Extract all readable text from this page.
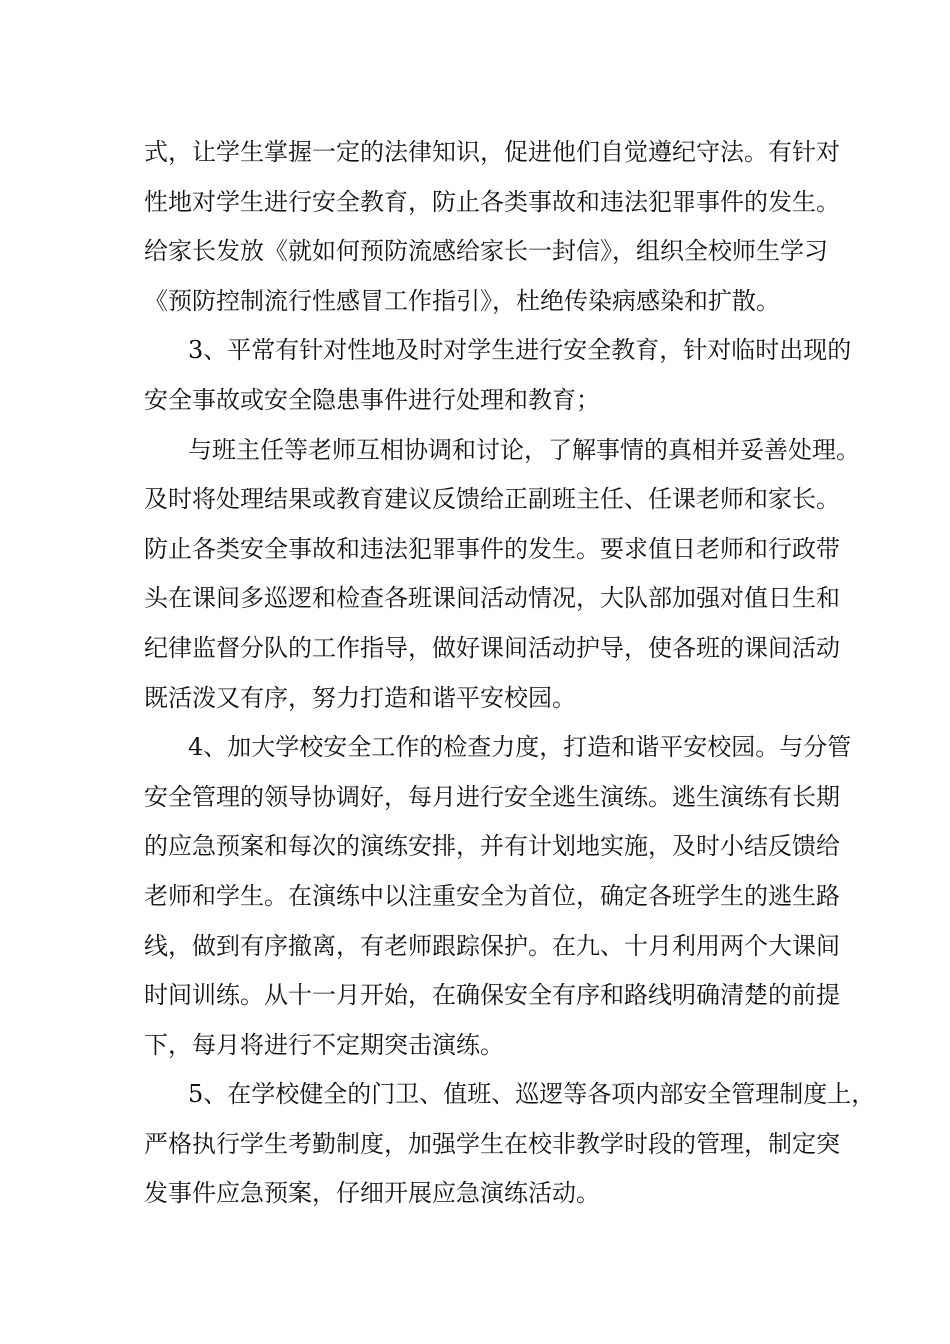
式，让学生掌握一定的法律知识，促进他们自觉遵纪守法。有针对
性地对学生进行安全教育，防止各类事故和违法犯罪事件的发生。
给家长发放《就如何预防流感给家长一封信》，组织全校师生学习
《预防控制流行性感冒工作指引》，杜绝传染病感染和扩散。
3、平常有针对性地及时对学生进行安全教育，针对临时出现的
安全事故或安全隐患事件进行处理和教育；
与班主任等老师互相协调和讨论，了解事情的真相并妥善处理。
及时将处理结果或教育建议反馈给正副班主任、任课老师和家长。
防止各类安全事故和违法犯罪事件的发生。要求值日老师和行政带
头在课间多巡逻和检查各班课间活动情况，大队部加强对值日生和
纪律监督分队的工作指导，做好课间活动护导，使各班的课间活动
既活泼又有序，努力打造和谐平安校园。
4、加大学校安全工作的检查力度，打造和谐平安校园。与分管
安全管理的领导协调好，每月进行安全逃生演练。逃生演练有长期
的应急预案和每次的演练安排，并有计划地实施，及时小结反馈给
老师和学生。在演练中以注重安全为首位，确定各班学生的逃生路
线，做到有序撤离，有老师跟踪保护。在九、十月利用两个大课间
时间训练。从十一月开始，在确保安全有序和路线明确清楚的前提
下，每月将进行不定期突击演练。
5、在学校健全的门卫、值班、巡逻等各项内部安全管理制度上，
严格执行学生考勤制度，加强学生在校非教学时段的管理，制定突
发事件应急预案，仔细开展应急演练活动。
